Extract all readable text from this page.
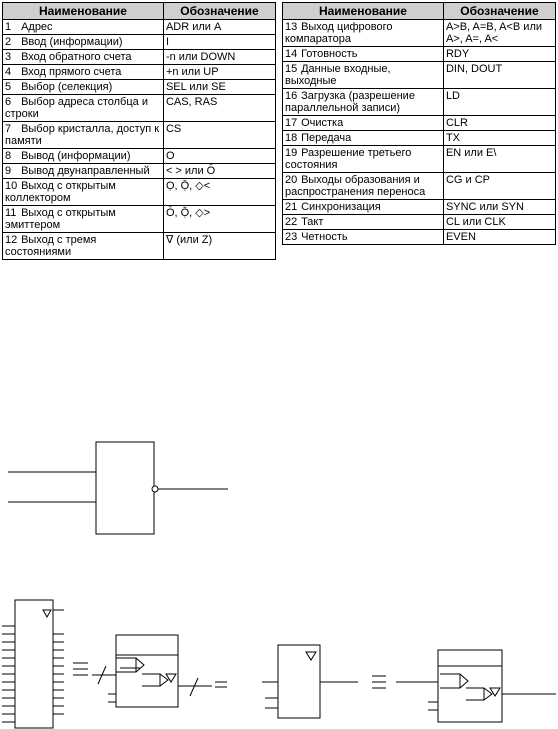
Наименование	Обозначение
1 Адрес	ADR или A
2 Ввод (информации)	I
3 Вход обратного счета	-n или DOWN
4 Вход прямого счета	+n или UP
5 Выбор (селекция)	SEL или SE
6 Выбор адреса столбца и строки	CAS, RAS
7 Выбор кристалла, доступ к памяти	CS
8 Вывод (информации)	O
9 Вывод двунаправленный	< > или Ō
10 Выход с открытым коллектором	Ọ, Ọ̄, ◇<
11 Выход с открытым эмиттером	Ō, Ọ̄, ◇>
12 Выход с тремя состояниями	∇ (или Z)
Наименование	Обозначение
13 Выход цифрового компаратора	A>B, A=B, A<B или A>, A=, A<
14 Готовность	RDY
15 Данные входные, выходные	DIN, DOUT
16 Загрузка (разрешение параллельной записи)	LD
17 Очистка	CLR
18 Передача	TX
19 Разрешение третьего состояния	EN или E\
20 Выходы образования и распространения переноса	CG и CP
21 Синхронизация	SYNC или SYN
22 Такт	CL или CLK
23 Четность	EVEN
